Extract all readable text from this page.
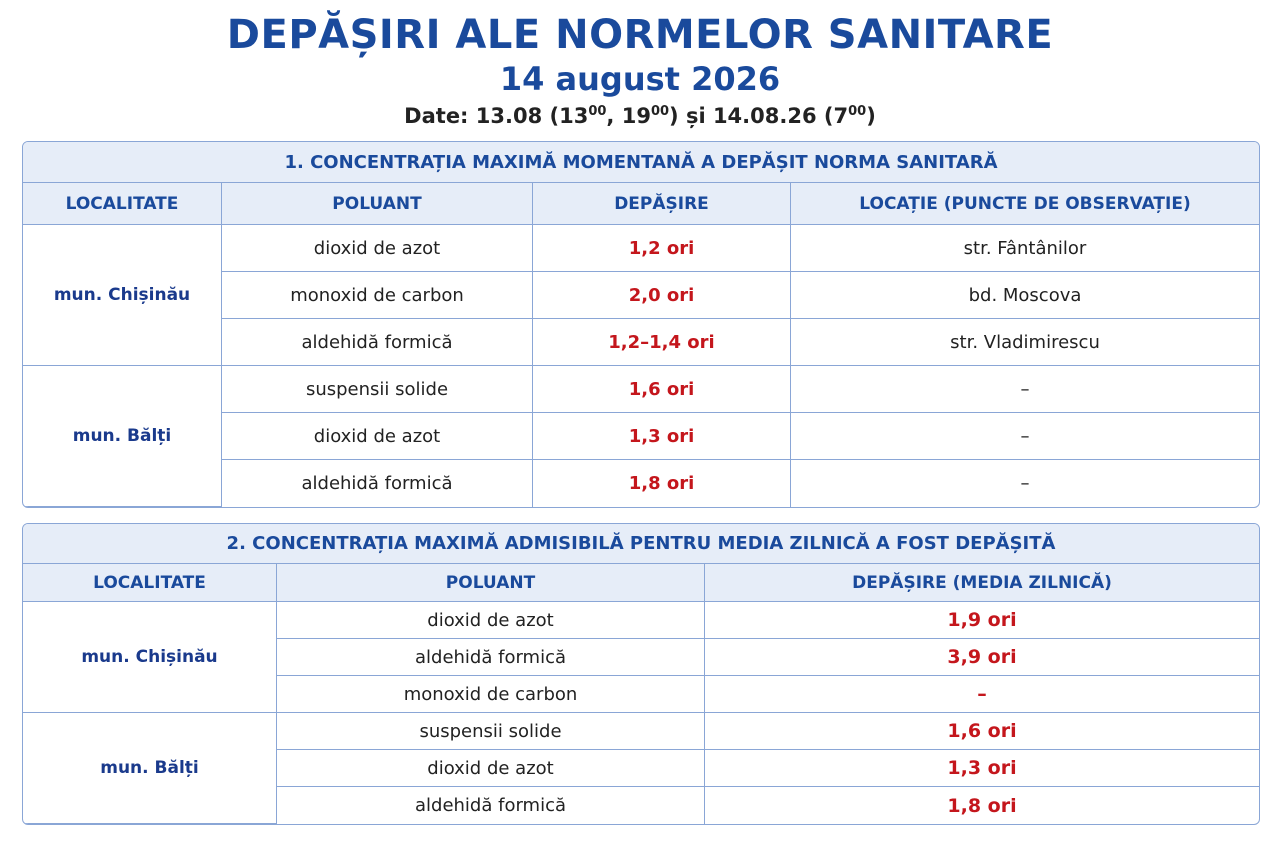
DEPĂȘIRI ALE NORMELOR SANITARE
14 august 2026
Date: 13.08 ($13^{00}$, $19^{00}$) și 14.08.26 $(7^{00})$
1. CONCENTRAȚIA MAXIMĂ MOMENTANĂ A DEPĂȘIT NORMA SANITARĂ			
LOCALITATE	POLUANT	DEPĂȘIRE	LOCAȚIE (PUNCTE DE OBSERVAȚIE)
mun. Chișinău	dioxid de azot	1,2 ori	str. Fântânilor
	monoxid de carbon	2,0 ori	bd. Moscova
	aldehidă formică	1,2–1,4 ori	str. Vladimirescu
mun. Bălți	suspensii solide	1,6 ori	–
	dioxid de azot	1,3 ori	–
	aldehidă formică	1,8 ori	–
2. CONCENTRAȚIA MAXIMĂ ADMISIBILĂ PENTRU MEDIA ZILNICĂ A FOST DEPĂȘITĂ		
LOCALITATE	POLUANT	DEPĂȘIRE (MEDIA ZILNICĂ)
mun. Chișinău	dioxid de azot	1,9 ori
	aldehidă formică	3,9 ori
	monoxid de carbon	–
mun. Bălți	suspensii solide	1,6 ori
	dioxid de azot	1,3 ori
	aldehidă formică	1,8 ori
